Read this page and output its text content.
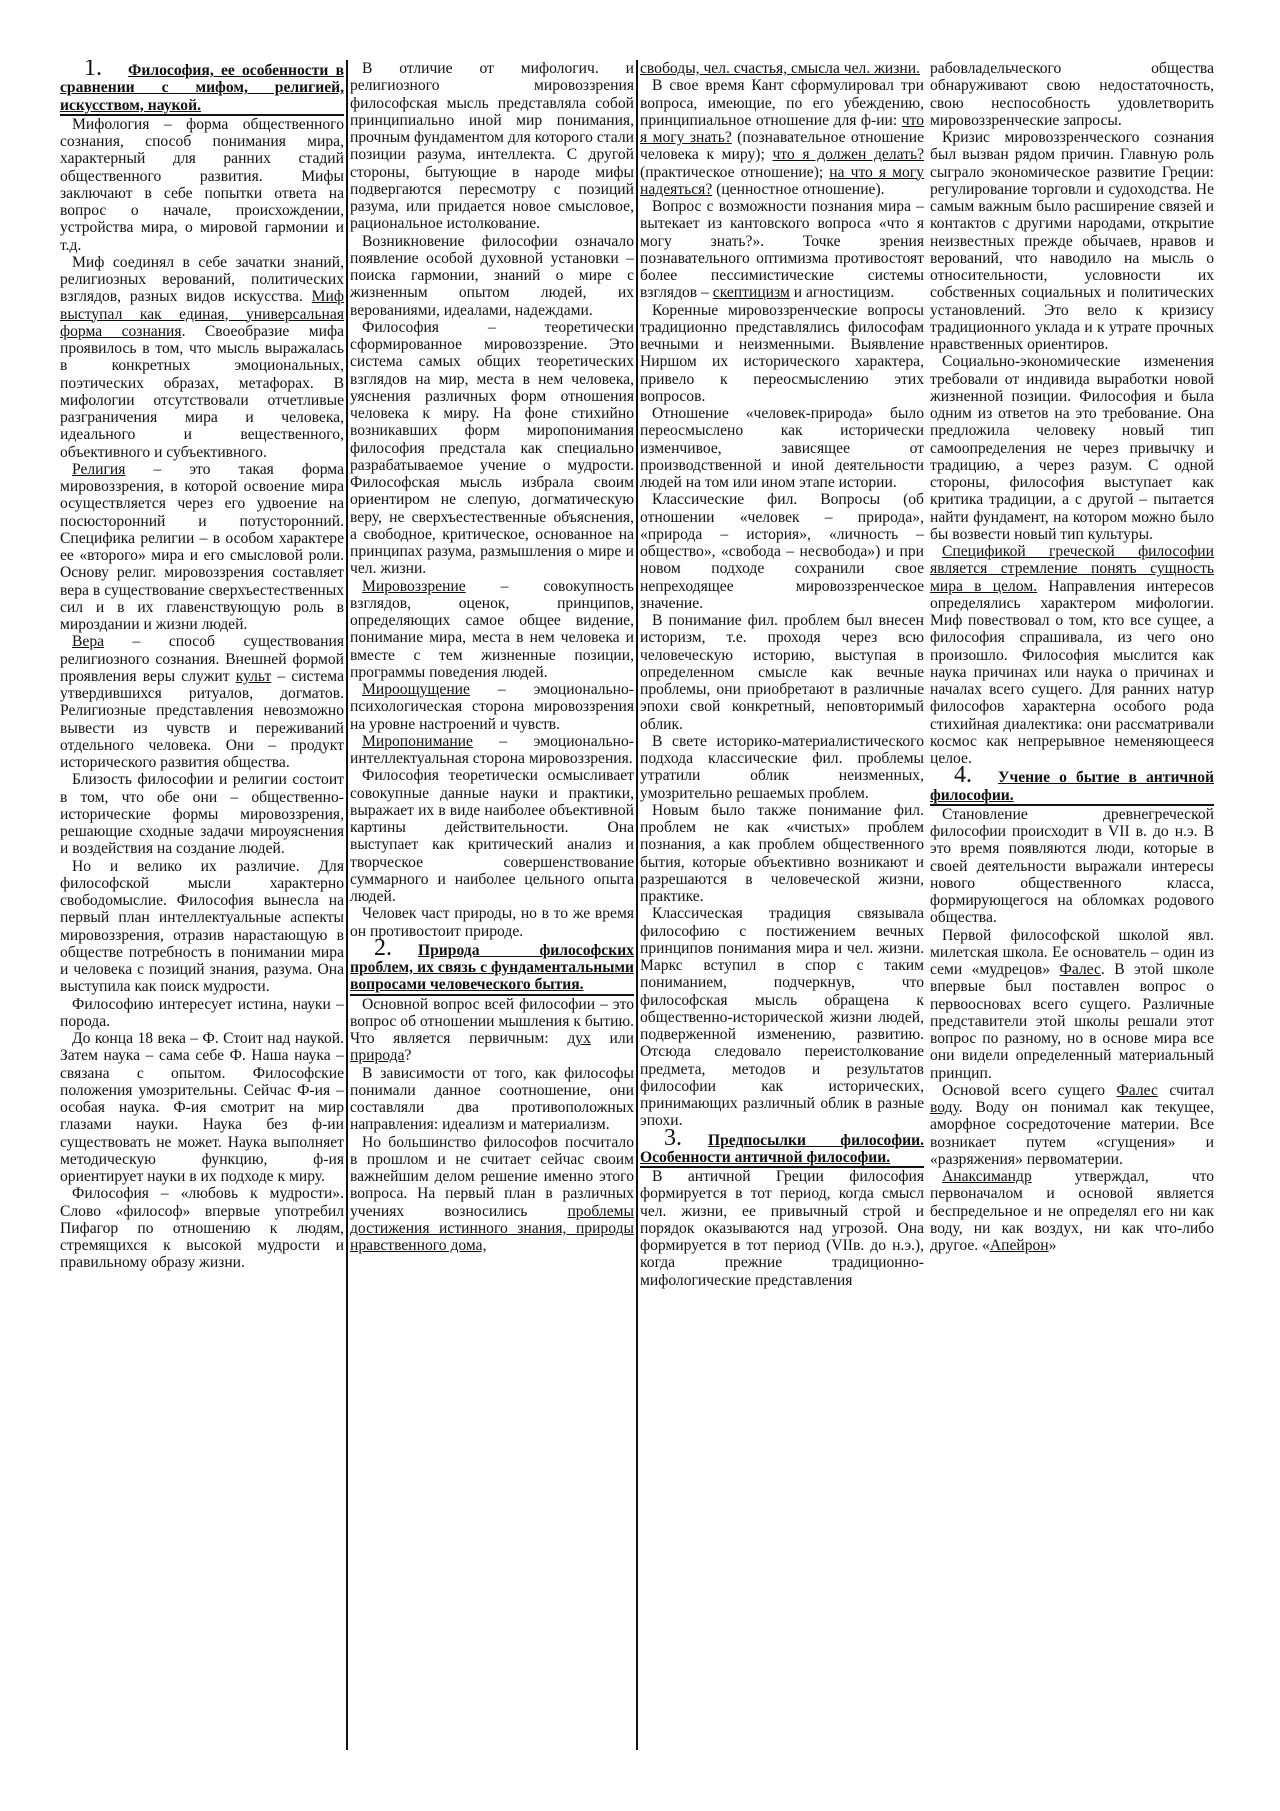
1. Философия, ее особенности в сравнении с мифом, религией, искусством, наукой.

Мифология – форма общественного сознания, способ понимания мира, характерный для ранних стадий общественного развития. Мифы заключают в себе попытки ответа на вопрос о начале, происхождении, устройства мира, о мировой гармонии и т.д.

Миф соединял в себе зачатки знаний, религиозных верований, политических взглядов, разных видов искусства. Миф выступал как единая, универсальная форма сознания. Своеобразие мифа проявилось в том, что мысль выражалась в конкретных эмоциональных, поэтических образах, метафорах. В мифологии отсутствовали отчетливые разграничения мира и человека, идеального и вещественного, объективного и субъективного.

Религия – это такая форма мировоззрения, в которой освоение мира осуществляется через его удвоение на посюсторонний и потусторонний. Специфика религии – в особом характере ее «второго» мира и его смысловой роли. Основу религ. мировоззрения составляет вера в существование сверхъестественных сил и в их главенствующую роль в мироздании и жизни людей.

Вера – способ существования религиозного сознания. Внешней формой проявления веры служит культ – система утвердившихся ритуалов, догматов. Религиозные представления невозможно вывести из чувств и переживаний отдельного человека. Они – продукт исторического развития общества.

Близость философии и религии состоит в том, что обе они – общественно-исторические формы мировоззрения, решающие сходные задачи мироуяснения и воздействия на создание людей.

Но и велико их различие. Для философской мысли характерно свободомыслие. Философия вынесла на первый план интеллектуальные аспекты мировоззрения, отразив нарастающую в обществе потребность в понимании мира и человека с позиций знания, разума. Она выступила как поиск мудрости.

Философию интересует истина, науки – порода.

До конца 18 века – Ф. Стоит над наукой. Затем наука – сама себе Ф. Наша наука – связана с опытом. Философские положения умозрительны. Сейчас Ф-ия – особая наука. Ф-ия смотрит на мир глазами науки. Наука без ф-ии существовать не может. Наука выполняет методическую функцию, ф-ия ориентирует науки в их подходе к миру.

Философия – «любовь к мудрости». Слово «философ» впервые употребил Пифагор по отношению к людям, стремящихся к высокой мудрости и правильному образу жизни.

В отличие от мифологич. и религиозного мировоззрения философская мысль представляла собой принципиально иной мир понимания, прочным фундаментом для которого стали позиции разума, интеллекта. С другой стороны, бытующие в народе мифы подвергаются пересмотру с позиций разума, или придается новое смысловое, рациональное истолкование.

Возникновение философии означало появление особой духовной установки – поиска гармонии, знаний о мире с жизненным опытом людей, их верованиями, идеалами, надеждами.

Философия – теоретически сформированное мировоззрение. Это система самых общих теоретических взглядов на мир, места в нем человека, уяснения различных форм отношения человека к миру. На фоне стихийно возникавших форм миропонимания философия предстала как специально разрабатываемое учение о мудрости. Философская мысль избрала своим ориентиром не слепую, догматическую веру, не сверхъестественные объяснения, а свободное, критическое, основанное на принципах разума, размышления о мире и чел. жизни.

Мировоззрение – совокупность взглядов, оценок, принципов, определяющих самое общее видение, понимание мира, места в нем человека и вместе с тем жизненные позиции, программы поведения людей.

Мироощущение – эмоционально-психологическая сторона мировоззрения на уровне настроений и чувств.

Миропонимание – эмоционально-интеллектуальная сторона мировоззрения.

Философия теоретически осмысливает совокупные данные науки и практики, выражает их в виде наиболее объективной картины действительности. Она выступает как критический анализ и творческое совершенствование суммарного и наиболее цельного опыта людей.

Человек част природы, но в то же время он противостоит природе.

2. Природа философских проблем, их связь с фундаментальными вопросами человеческого бытия.

Основной вопрос всей философии – это вопрос об отношении мышления к бытию. Что является первичным: дух или природа?

В зависимости от того, как философы понимали данное соотношение, они составляли два противоположных направления: идеализм и материализм.

Но большинство философов посчитало в прошлом и не считает сейчас своим важнейшим делом решение именно этого вопроса. На первый план в различных учениях возносились проблемы достижения истинного знания, природы нравственного дома,

свободы, чел. счастья, смысла чел. жизни.

В свое время Кант сформулировал три вопроса, имеющие, по его убеждению, принципиальное отношение для ф-ии: что я могу знать? (познавательное отношение человека к миру); что я должен делать? (практическое отношение); на что я могу надеяться? (ценностное отношение).

Вопрос с возможности познания мира – вытекает из кантовского вопроса «что я могу знать?». Точке зрения познавательного оптимизма противостоят более пессимистические системы взглядов – скептицизм и агностицизм.

Коренные мировоззренческие вопросы традиционно представлялись философам вечными и неизменными. Выявление Ниршом их исторического характера, привело к переосмыслению этих вопросов.

Отношение «человек-природа» было переосмыслено как исторически изменчивое, зависящее от производственной и иной деятельности людей на том или ином этапе истории.

Классические фил. Вопросы (об отношении «человек – природа», «природа – история», «личность – общество», «свобода – несвобода») и при новом подходе сохранили свое непреходящее мировоззренческое значение.

В понимание фил. проблем был внесен историзм, т.е. проходя через всю человеческую историю, выступая в определенном смысле как вечные проблемы, они приобретают в различные эпохи свой конкретный, неповторимый облик.

В свете историко-материалистического подхода классические фил. проблемы утратили облик неизменных, умозрительно решаемых проблем.

Новым было также понимание фил. проблем не как «чистых» проблем познания, а как проблем общественного бытия, которые объективно возникают и разрешаются в человеческой жизни, практике.

Классическая традиция связывала философию с постижением вечных принципов понимания мира и чел. жизни. Маркс вступил в спор с таким пониманием, подчеркнув, что философская мысль обращена к общественно-исторической жизни людей, подверженной изменению, развитию. Отсюда следовало переистолкование предмета, методов и результатов философии как исторических, принимающих различный облик в разные эпохи.

3. Предпосылки философии. Особенности античной философии.

В античной Греции философия формируется в тот период, когда смысл чел. жизни, ее привычный строй и порядок оказываются над угрозой. Она формируется в тот период (VIIв. до н.э.), когда прежние традиционно-мифологические представления

рабовладельческого общества обнаруживают свою недостаточность, свою неспособность удовлетворить мировоззренческие запросы.

Кризис мировоззренческого сознания был вызван рядом причин. Главную роль сыграло экономическое развитие Греции: регулирование торговли и судоходства. Не самым важным было расширение связей и контактов с другими народами, открытие неизвестных прежде обычаев, нравов и верований, что наводило на мысль о относительности, условности их собственных социальных и политических установлений. Это вело к кризису традиционного уклада и к утрате прочных нравственных ориентиров.

Социально-экономические изменения требовали от индивида выработки новой жизненной позиции. Философия и была одним из ответов на это требование. Она предложила человеку новый тип самоопределения не через привычку и традицию, а через разум. С одной стороны, философия выступает как критика традиции, а с другой – пытается найти фундамент, на котором можно было бы возвести новый тип культуры.

Спецификой греческой философии является стремление понять сущность мира в целом. Направления интересов определялись характером мифологии. Миф повествовал о том, кто все сущее, а философия спрашивала, из чего оно произошло. Философия мыслится как наука причинах или наука о причинах и началах всего сущего. Для ранних натур философов характерна особого рода стихийная диалектика: они рассматривали космос как непрерывное неменяющееся целое.

4. Учение о бытие в античной философии.

Становление древнегреческой философии происходит в VII в. до н.э. В это время появляются люди, которые в своей деятельности выражали интересы нового общественного класса, формирующегося на обломках родового общества.

Первой философской школой явл. милетская школа. Ее основатель – один из семи «мудрецов» Фалес. В этой школе впервые был поставлен вопрос о первоосновах всего сущего. Различные представители этой школы решали этот вопрос по разному, но в основе мира все они видели определенный материальный принцип.

Основой всего сущего Фалес считал воду. Воду он понимал как текущее, аморфное сосредоточение материи. Все возникает путем «сгущения» и «разряжения» первоматерии.

Анаксимандр утверждал, что первоначалом и основой является беспредельное и не определял его ни как воду, ни как воздух, ни как что-либо другое. «Апейрон»
